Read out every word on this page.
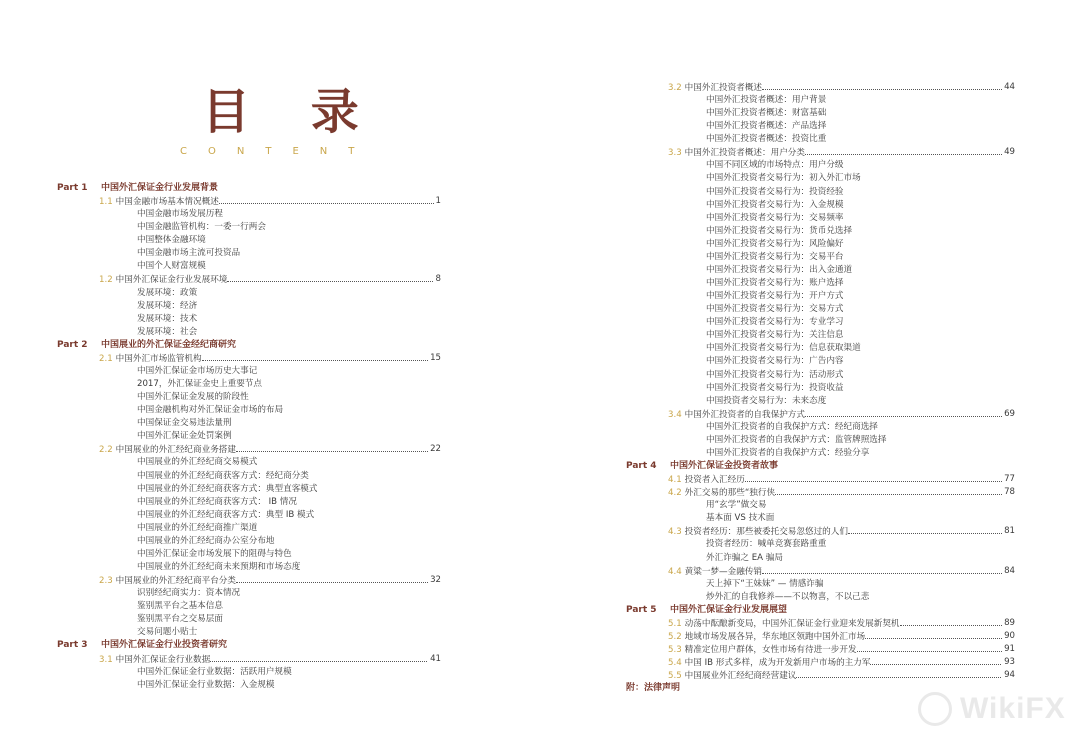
目 录
CONTENT
Part 1 中国外汇保证金行业发展背景
1.1 中国金融市场基本情况概述	1
中国金融市场发展历程
中国金融监管机构：一委一行两会
中国整体金融环境
中国金融市场主流可投资品
中国个人财富规模
1.2 中国外汇保证金行业发展环境	8
发展环境：政策
发展环境：经济
发展环境：技术
发展环境：社会
Part 2 中国展业的外汇保证金经纪商研究
2.1 中国外汇市场监管机构	15
中国外汇保证金市场历史大事记
2017，外汇保证金史上重要节点
中国外汇保证金发展的阶段性
中国金融机构对外汇保证金市场的布局
中国保证金交易违法量刑
中国外汇保证金处罚案例
2.2 中国展业的外汇经纪商业务搭建	22
中国展业的外汇经纪商交易模式
中国展业的外汇经纪商获客方式：经纪商分类
中国展业的外汇经纪商获客方式：典型直客模式
中国展业的外汇经纪商获客方式： IB 情况
中国展业的外汇经纪商获客方式：典型 IB 模式
中国展业的外汇经纪商推广渠道
中国展业的外汇经纪商办公室分布地
中国外汇保证金市场发展下的阻碍与特色
中国展业的外汇经纪商未来预期和市场态度
2.3 中国展业的外汇经纪商平台分类	32
识别经纪商实力：资本情况
鉴别黑平台之基本信息
鉴别黑平台之交易层面
交易问题小贴士
Part 3 中国外汇保证金行业投资者研究
3.1 中国外汇保证金行业数据	41
中国外汇保证金行业数据：活跃用户规模
中国外汇保证金行业数据：入金规模
3.2 中国外汇投资者概述	44
中国外汇投资者概述：用户背景
中国外汇投资者概述：财富基础
中国外汇投资者概述：产品选择
中国外汇投资者概述：投资比重
3.3 中国外汇投资者概述：用户分类	49
中国不同区域的市场特点：用户分级
中国外汇投资者交易行为：初入外汇市场
中国外汇投资者交易行为：投资经验
中国外汇投资者交易行为：入金规模
中国外汇投资者交易行为：交易频率
中国外汇投资者交易行为：货币兑选择
中国外汇投资者交易行为：风险偏好
中国外汇投资者交易行为：交易平台
中国外汇投资者交易行为：出入金通道
中国外汇投资者交易行为：账户选择
中国外汇投资者交易行为：开户方式
中国外汇投资者交易行为：交易方式
中国外汇投资者交易行为：专业学习
中国外汇投资者交易行为：关注信息
中国外汇投资者交易行为：信息获取渠道
中国外汇投资者交易行为：广告内容
中国外汇投资者交易行为：活动形式
中国外汇投资者交易行为：投资收益
中国投资者交易行为：未来态度
3.4 中国外汇投资者的自我保护方式	69
中国外汇投资者的自我保护方式：经纪商选择
中国外汇投资者的自我保护方式：监管牌照选择
中国外汇投资者的自我保护方式：经验分享
Part 4 中国外汇保证金投资者故事
4.1 投资者入汇经历	77
4.2 外汇交易的那些“独行侠	78
用“玄学”做交易
基本面 VS 技术面
4.3 投资者经历：那些被委托交易忽悠过的人们	81
投资者经历：喊单竞赛套路重重
外汇诈骗之 EA 骗局
4.4 黄粱一梦—金融传销	84
天上掉下“王妹妹” — 情感诈骗
炒外汇的自我修养——不以物喜，不以己悲
Part 5 中国外汇保证金行业发展展望
5.1 动荡中酝酿新变局，中国外汇保证金行业迎来发展新契机	89
5.2 地域市场发展各异，华东地区领跑中国外汇市场	90
5.3 精准定位用户群体，女性市场有待进一步开发	91
5.4 中国 IB 形式多样，成为开发新用户市场的主力军	93
5.5 中国展业外汇经纪商经营建议	94
附：法律声明
WikiFX
